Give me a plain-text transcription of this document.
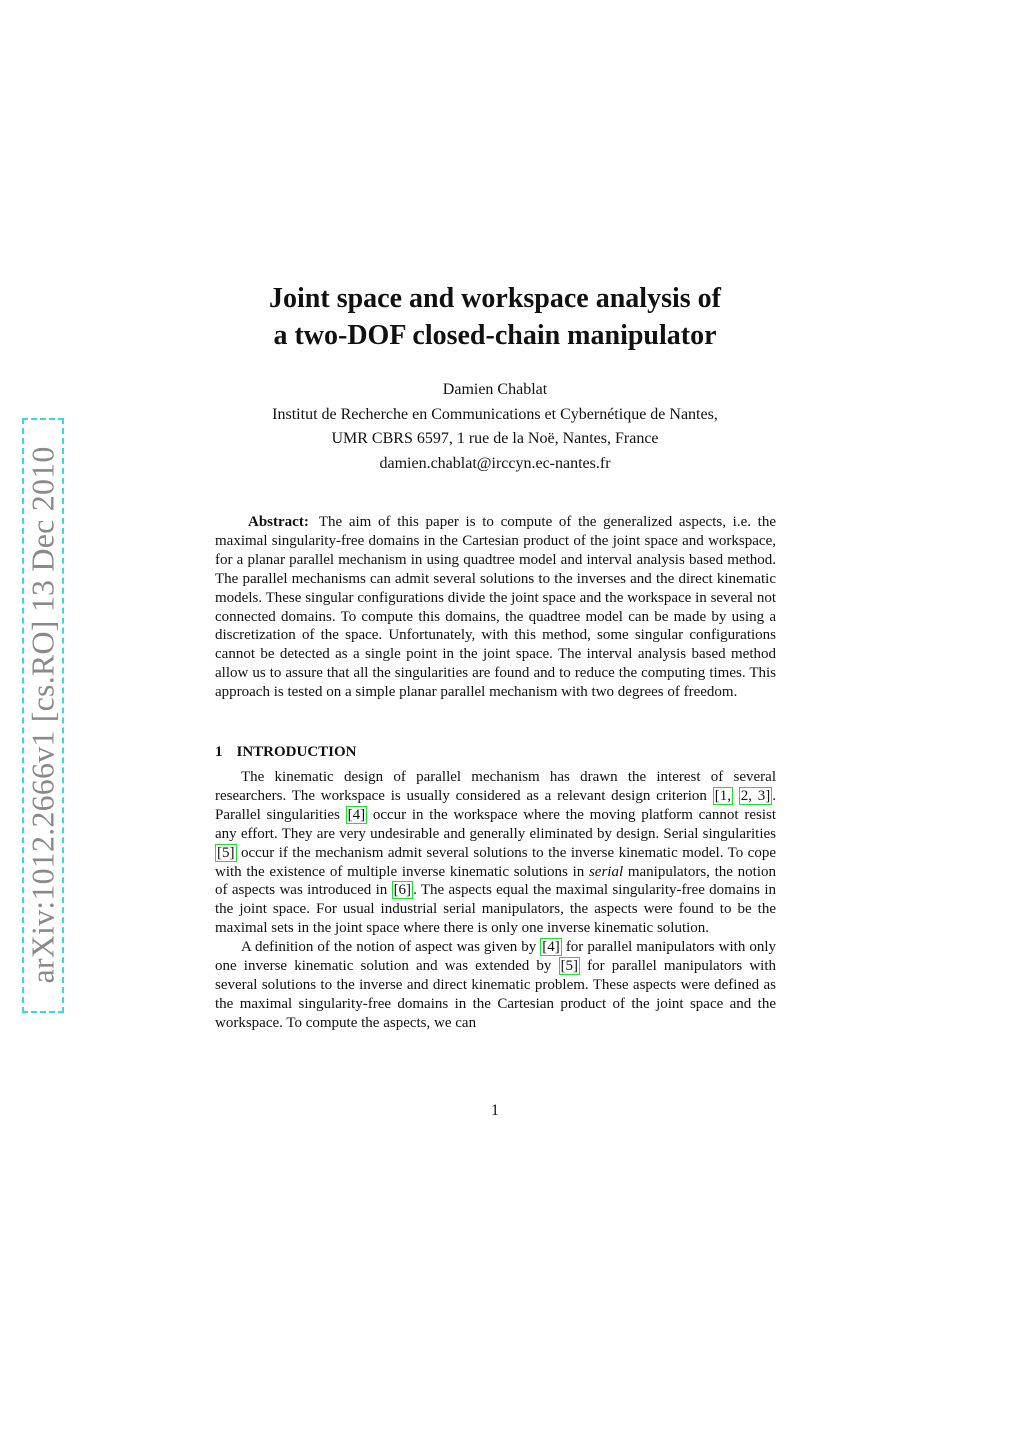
arXiv:1012.2666v1 [cs.RO] 13 Dec 2010
Joint space and workspace analysis of
a two-DOF closed-chain manipulator
Damien Chablat
Institut de Recherche en Communications et Cybernétique de Nantes,
UMR CBRS 6597, 1 rue de la Noë, Nantes, France
damien.chablat@irccyn.ec-nantes.fr

Abstract: The aim of this paper is to compute of the generalized aspects, i.e. the maximal singularity-free domains in the Cartesian product of the joint space and workspace, for a planar parallel mechanism in using quadtree model and interval analysis based method. The parallel mechanisms can admit several solutions to the inverses and the direct kinematic models. These singular configurations divide the joint space and the workspace in several not connected domains. To compute this domains, the quadtree model can be made by using a discretization of the space. Unfortunately, with this method, some singular configurations cannot be detected as a single point in the joint space. The interval analysis based method allow us to assure that all the singularities are found and to reduce the computing times. This approach is tested on a simple planar parallel mechanism with two degrees of freedom.

1 INTRODUCTION

The kinematic design of parallel mechanism has drawn the interest of several researchers. The workspace is usually considered as a relevant design criterion [1, 2, 3] . Parallel singularities [4] occur in the workspace where the moving platform cannot resist any effort. They are very undesirable and generally eliminated by design. Serial singularities [5] occur if the mechanism admit several solutions to the inverse kinematic model. To cope with the existence of multiple inverse kinematic solutions in serial manipulators, the notion of aspects was introduced in [6] . The aspects equal the maximal singularity-free domains in the joint space. For usual industrial serial manipulators, the aspects were found to be the maximal sets in the joint space where there is only one inverse kinematic solution.

A definition of the notion of aspect was given by [4] for parallel manipulators with only one inverse kinematic solution and was extended by [5] for parallel manipulators with several solutions to the inverse and direct kinematic problem. These aspects were defined as the maximal singularity-free domains in the Cartesian product of the joint space and the workspace. To compute the aspects, we can

1
